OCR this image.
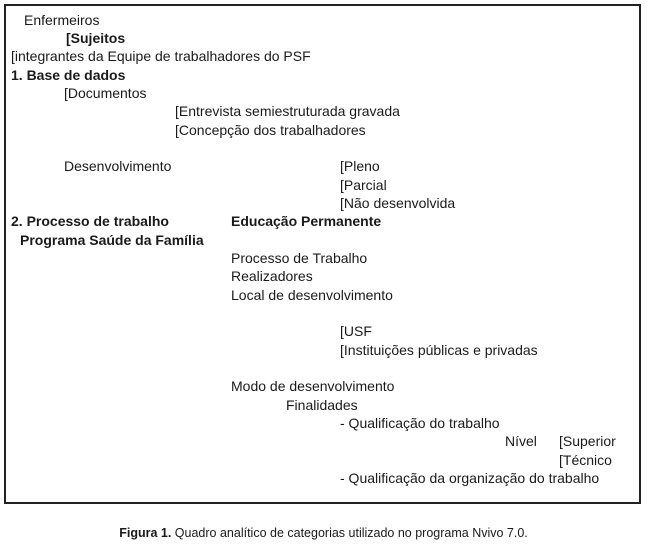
Enfermeiros
[Sujeitos
[integrantes da Equipe de trabalhadores do PSF
1. Base de dados
[Documentos
[Entrevista semiestruturada gravada
[Concepção dos trabalhadores
Desenvolvimento	[Pleno
[Parcial
[Não desenvolvida
2. Processo de trabalho	Educação Permanente
Programa Saúde da Família
Processo de Trabalho
Realizadores
Local de desenvolvimento
[USF
[Instituições públicas e privadas
Modo de desenvolvimento
Finalidades
- Qualificação do trabalho
Nível [Superior
[Técnico
- Qualificação da organização do trabalho
Figura 1. Quadro analítico de categorias utilizado no programa Nvivo 7.0.
